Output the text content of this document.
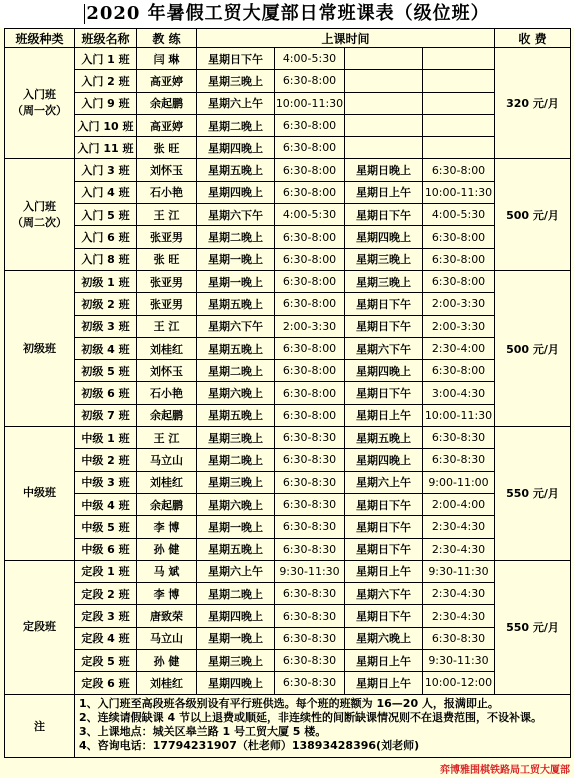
2020 年暑假工贸大厦部日常班课表（级位班）
班级种类	班级名称	教 练	上课时间				收 费

入门班
（周一次）	入门 1 班	闫 琳	星期日下午	4:00-5:30			320 元/月
	入门 2 班	高亚婷	星期三晚上	6:30-8:00			
	入门 9 班	余起鹏	星期六上午	10:00-11:30			
	入门 10 班	高亚婷	星期二晚上	6:30-8:00			
	入门 11 班	张 旺	星期四晚上	6:30-8:00			

入门班
（周二次）	入门 3 班	刘怀玉	星期五晚上	6:30-8:00	星期日晚上	6:30-8:00	500 元/月
	入门 4 班	石小艳	星期四晚上	6:30-8:00	星期日上午	10:00-11:30	
	入门 5 班	王 江	星期六下午	4:00-5:30	星期日下午	4:00-5:30	
	入门 6 班	张亚男	星期二晚上	6:30-8:00	星期四晚上	6:30-8:00	
	入门 8 班	张 旺	星期一晚上	6:30-8:00	星期三晚上	6:30-8:00	

初级班	初级 1 班	张亚男	星期一晚上	6:30-8:00	星期三晚上	6:30-8:00	500 元/月
	初级 2 班	张亚男	星期五晚上	6:30-8:00	星期日下午	2:00-3:30	
	初级 3 班	王 江	星期六下午	2:00-3:30	星期日下午	2:00-3:30	
	初级 4 班	刘桂红	星期五晚上	6:30-8:00	星期六下午	2:30-4:00	
	初级 5 班	刘怀玉	星期二晚上	6:30-8:00	星期四晚上	6:30-8:00	
	初级 6 班	石小艳	星期六晚上	6:30-8:00	星期日下午	3:00-4:30	
	初级 7 班	余起鹏	星期五晚上	6:30-8:00	星期日上午	10:00-11:30	

中级班	中级 1 班	王 江	星期三晚上	6:30-8:30	星期五晚上	6:30-8:30	550 元/月
	中级 2 班	马立山	星期二晚上	6:30-8:30	星期四晚上	6:30-8:30	
	中级 3 班	刘桂红	星期三晚上	6:30-8:30	星期六上午	9:00-11:00	
	中级 4 班	余起鹏	星期六晚上	6:30-8:30	星期日下午	2:00-4:00	
	中级 5 班	李 博	星期一晚上	6:30-8:30	星期日下午	2:30-4:30	
	中级 6 班	孙 健	星期五晚上	6:30-8:30	星期日下午	2:30-4:30	

定段班	定段 1 班	马 斌	星期六上午	9:30-11:30	星期日上午	9:30-11:30	550 元/月
	定段 2 班	李 博	星期二晚上	6:30-8:30	星期六下午	2:30-4:30	
	定段 3 班	唐致荣	星期四晚上	6:30-8:30	星期日下午	2:30-4:30	
	定段 4 班	马立山	星期一晚上	6:30-8:30	星期六晚上	6:30-8:30	
	定段 5 班	孙 健	星期三晚上	6:30-8:30	星期日上午	9:30-11:30	
	定段 6 班	刘桂红	星期四晚上	6:30-8:30	星期日上午	10:00-12:00	
注	1、入门班至高段班各级别设有平行班供选。每个班的班额为 16—20 人，报满即止。
2、连续请假缺课 4 节以上退费或顺延，非连续性的间断缺课情况则不在退费范围，不设补课。
3、上课地点：城关区皋兰路 1 号工贸大厦 5 楼。
4、咨询电话：17794231907（杜老师）13893428396(刘老师)						
弈博雅围棋铁路局工贸大厦部
